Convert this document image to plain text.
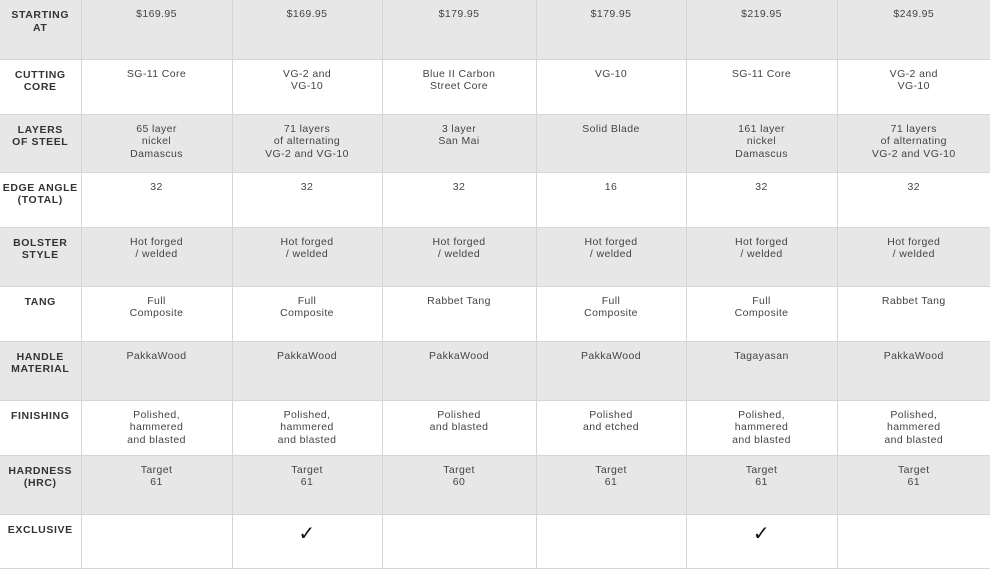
STARTING
AT	$169.95	$169.95	$179.95	$179.95	$219.95	$249.95

CUTTING
CORE	SG-11 Core	VG-2 and
VG-10	Blue II Carbon
Street Core	VG-10	SG-11 Core	VG-2 and
VG-10

LAYERS
OF STEEL	65 layer
nickel
Damascus	71 layers
of alternating
VG-2 and VG-10	3 layer
San Mai	Solid Blade	161 layer
nickel
Damascus	71 layers
of alternating
VG-2 and VG-10

EDGE ANGLE
(TOTAL)	32	32	32	16	32	32

BOLSTER
STYLE	Hot forged
/ welded	Hot forged
/ welded	Hot forged
/ welded	Hot forged
/ welded	Hot forged
/ welded	Hot forged
/ welded

TANG	Full
Composite	Full
Composite	Rabbet Tang	Full
Composite	Full
Composite	Rabbet Tang

HANDLE
MATERIAL	PakkaWood	PakkaWood	PakkaWood	PakkaWood	Tagayasan	PakkaWood

FINISHING	Polished,
hammered
and blasted	Polished,
hammered
and blasted	Polished
and blasted	Polished
and etched	Polished,
hammered
and blasted	Polished,
hammered
and blasted

HARDNESS
(HRC)	Target
61	Target
61	Target
60	Target
61	Target
61	Target
61

EXCLUSIVE		✓			✓	
